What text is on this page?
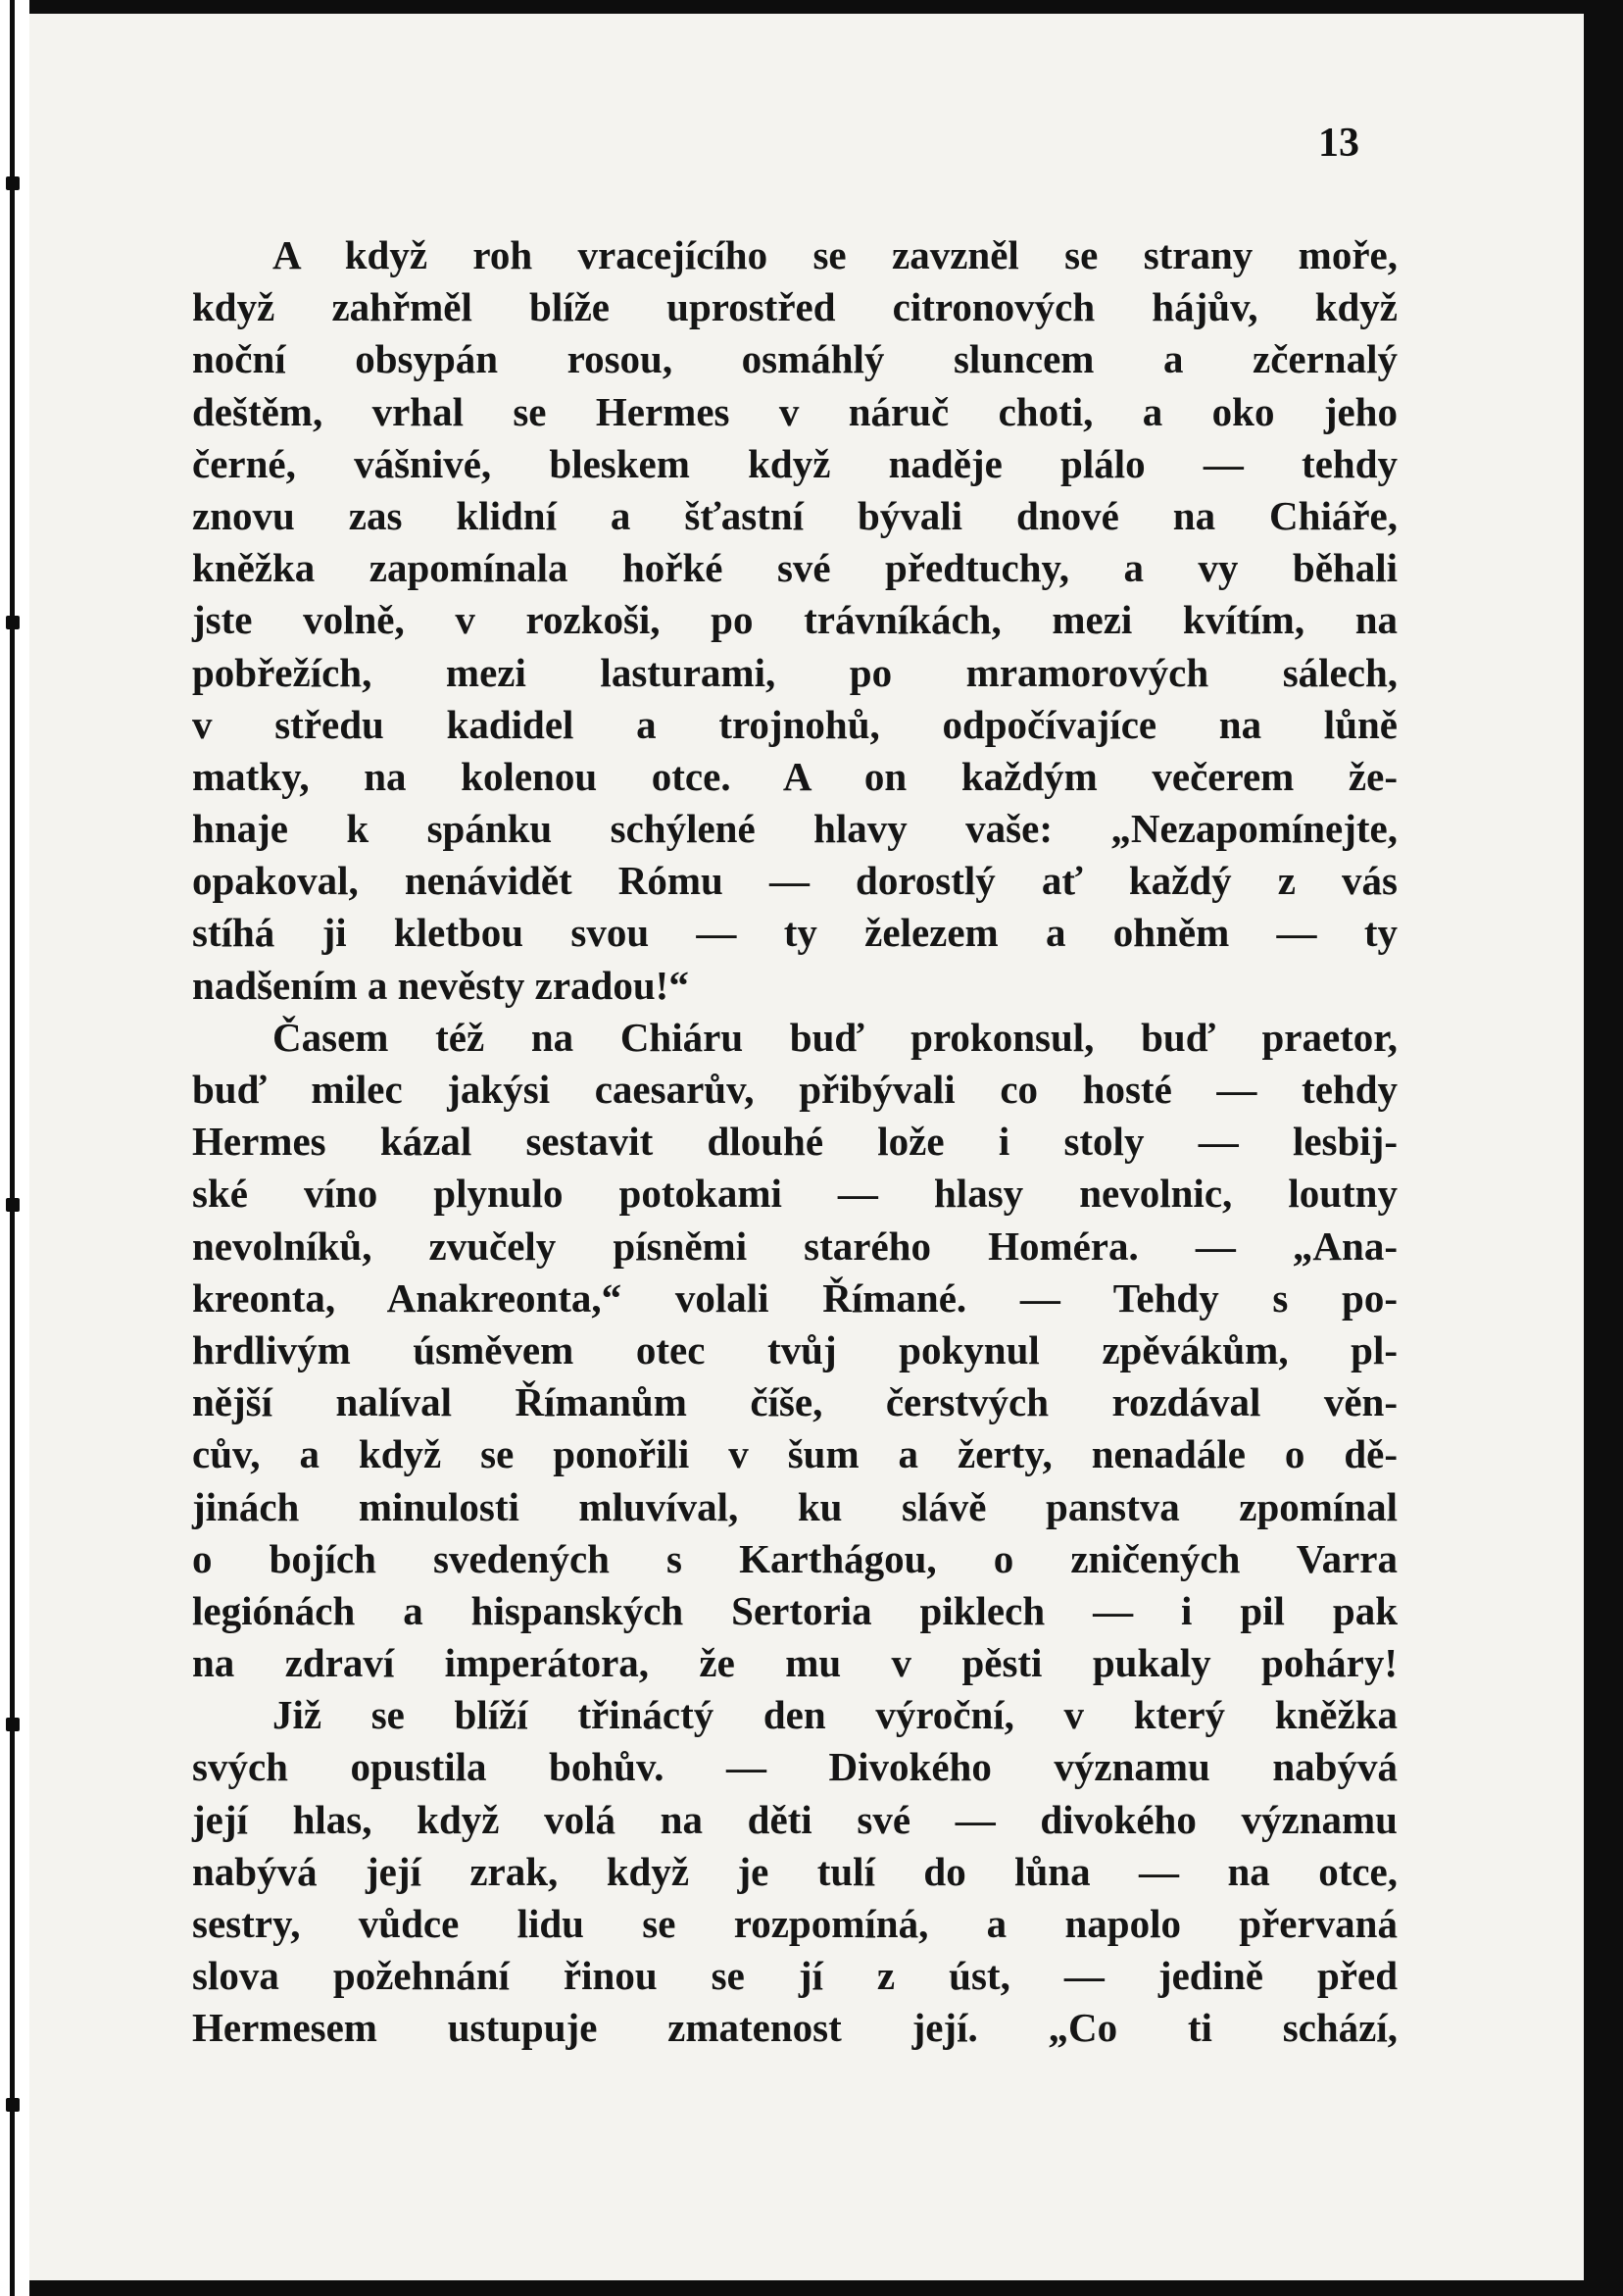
13
A když roh vracejícího se zavzněl se strany moře,
když zahřměl blíže uprostřed citronových hájův, když
noční obsypán rosou, osmáhlý sluncem a zčernalý
deštěm, vrhal se Hermes v náruč choti, a oko jeho
černé, vášnivé, bleskem když naděje plálo — tehdy
znovu zas klidní a šťastní bývali dnové na Chiáře,
kněžka zapomínala hořké své předtuchy, a vy běhali
jste volně, v rozkoši, po trávníkách, mezi kvítím, na
pobřežích, mezi lasturami, po mramorových sálech,
v středu kadidel a trojnohů, odpočívajíce na lůně
matky, na kolenou otce. A on každým večerem že-
hnaje k spánku schýlené hlavy vaše: „Nezapomínejte,
opakoval, nenávidět Rómu — dorostlý ať každý z vás
stíhá ji kletbou svou — ty železem a ohněm — ty
nadšením a nevěsty zradou!“
Časem též na Chiáru buď prokonsul, buď praetor,
buď milec jakýsi caesarův, přibývali co hosté — tehdy
Hermes kázal sestavit dlouhé lože i stoly — lesbij-
ské víno plynulo potokami — hlasy nevolnic, loutny
nevolníků, zvučely písněmi starého Homéra. — „Ana-
kreonta, Anakreonta,“ volali Římané. — Tehdy s po-
hrdlivým úsměvem otec tvůj pokynul zpěvákům, pl-
nější nalíval Římanům číše, čerstvých rozdával věn-
cův, a když se ponořili v šum a žerty, nenadále o dě-
jinách minulosti mluvíval, ku slávě panstva zpomínal
o bojích svedených s Karthágou, o zničených Varra
legiónách a hispanských Sertoria piklech — i pil pak
na zdraví imperátora, že mu v pěsti pukaly poháry!
Již se blíží třináctý den výroční, v který kněžka
svých opustila bohův. — Divokého významu nabývá
její hlas, když volá na děti své — divokého významu
nabývá její zrak, když je tulí do lůna — na otce,
sestry, vůdce lidu se rozpomíná, a napolo přervaná
slova požehnání řinou se jí z úst, — jedině před
Hermesem ustupuje zmatenost její. „Co ti schází,
